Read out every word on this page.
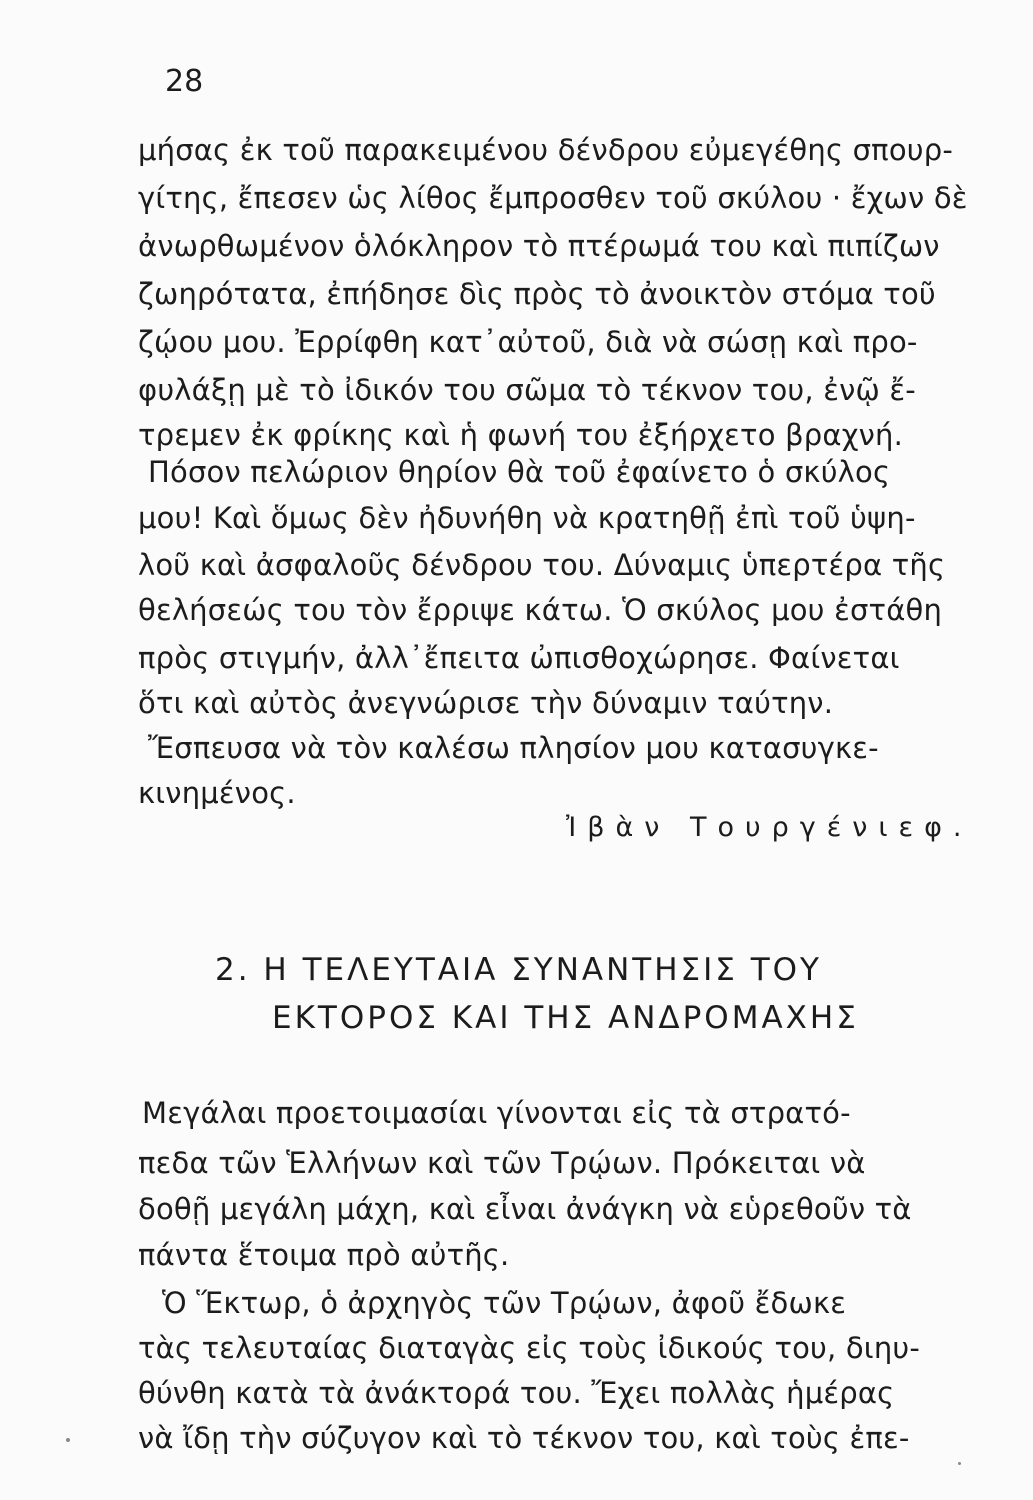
28

μήσας ἐκ τοῦ παρακειμένου δένδρου εὐμεγέθης σπουρ-

γίτης, ἔπεσεν ὡς λίθος ἔμπροσθεν τοῦ σκύλου · ἔχων δὲ

ἀνωρθωμένον ὁλόκληρον τὸ πτέρωμά του καὶ πιπίζων

ζωηρότατα, ἐπήδησε δὶς πρὸς τὸ ἀνοικτὸν στόμα τοῦ

ζῴου μου. Ἐρρίφθη κατ᾽αὐτοῦ, διὰ νὰ σώσῃ καὶ προ-

φυλάξῃ μὲ τὸ ἰδικόν του σῶμα τὸ τέκνον του, ἐνῷ ἔ-

τρεμεν ἐκ φρίκης καὶ ἡ φωνή του ἐξήρχετο βραχνή.

Πόσον πελώριον θηρίον θὰ τοῦ ἐφαίνετο ὁ σκύλος

μου! Καὶ ὅμως δὲν ἠδυνήθη νὰ κρατηθῇ ἐπὶ τοῦ ὑψη-

λοῦ καὶ ἀσφαλοῦς δένδρου του. Δύναμις ὑπερτέρα τῆς

θελήσεώς του τὸν ἔρριψε κάτω. Ὁ σκύλος μου ἐστάθη

πρὸς στιγμήν, ἀλλ᾽ἔπειτα ὠπισθοχώρησε. Φαίνεται

ὅτι καὶ αὐτὸς ἀνεγνώρισε τὴν δύναμιν ταύτην.

Ἔσπευσα νὰ τὸν καλέσω πλησίον μου κατασυγκε-

κινημένος.

Ἰβὰν Τουργένιεφ.

2. Η ΤΕΛΕΥΤΑΙΑ ΣΥΝΑΝΤΗΣΙΣ ΤΟΥ

ΕΚΤΟΡΟΣ ΚΑΙ ΤΗΣ ΑΝΔΡΟΜΑΧΗΣ

Μεγάλαι προετοιμασίαι γίνονται εἰς τὰ στρατό-

πεδα τῶν Ἑλλήνων καὶ τῶν Τρῴων. Πρόκειται νὰ

δοθῇ μεγάλη μάχη, καὶ εἶναι ἀνάγκη νὰ εὑρεθοῦν τὰ

πάντα ἕτοιμα πρὸ αὐτῆς.

Ὁ Ἕκτωρ, ὁ ἀρχηγὸς τῶν Τρῴων, ἀφοῦ ἔδωκε

τὰς τελευταίας διαταγὰς εἰς τοὺς ἰδικούς του, διηυ-

θύνθη κατὰ τὰ ἀνάκτορά του. Ἔχει πολλὰς ἡμέρας

νὰ ἴδῃ τὴν σύζυγον καὶ τὸ τέκνον του, καὶ τοὺς ἐπε-
